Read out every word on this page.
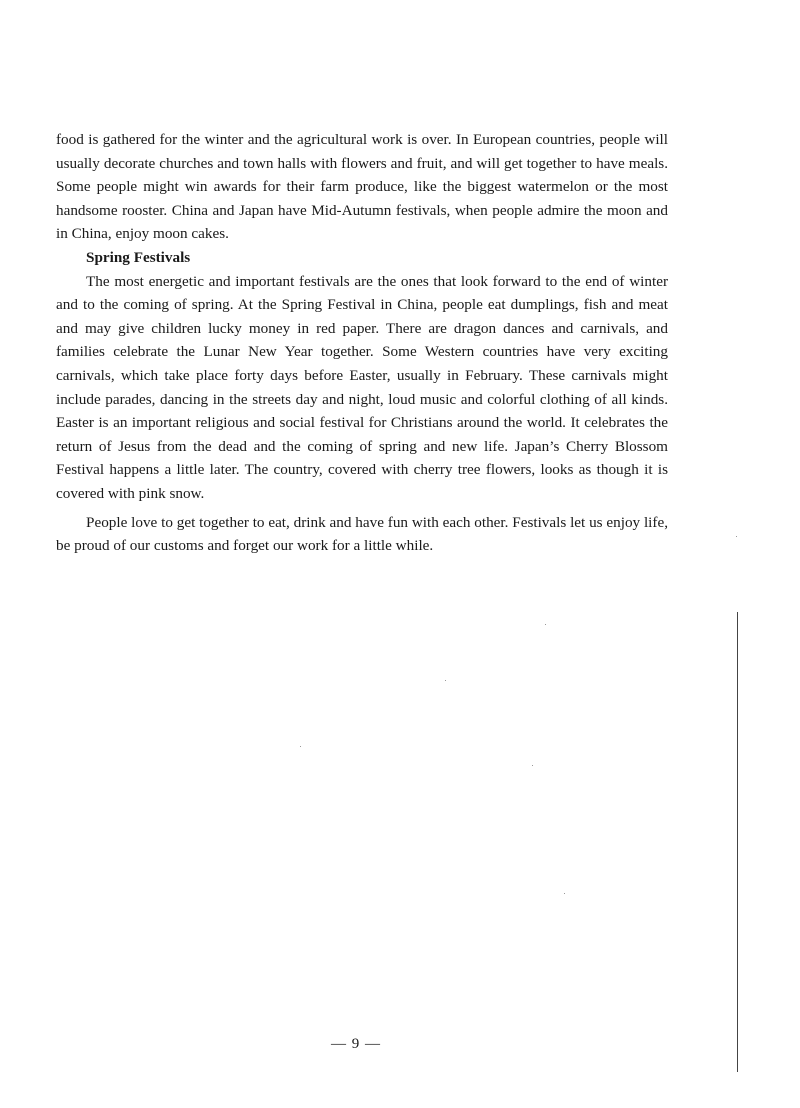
food is gathered for the winter and the agricultural work is over. In European countries, people will usually decorate churches and town halls with flowers and fruit, and will get together to have meals. Some people might win awards for their farm produce, like the biggest watermelon or the most handsome rooster. China and Japan have Mid-Autumn festivals, when people admire the moon and in China, enjoy moon cakes.

Spring Festivals

The most energetic and important festivals are the ones that look forward to the end of winter and to the coming of spring. At the Spring Festival in China, people eat dumplings, fish and meat and may give children lucky money in red paper. There are dragon dances and carnivals, and families celebrate the Lunar New Year together. Some Western countries have very exciting carnivals, which take place forty days before Easter, usually in February. These carnivals might include parades, dancing in the streets day and night, loud music and colorful clothing of all kinds. Easter is an important religious and social festival for Christians around the world. It celebrates the return of Jesus from the dead and the coming of spring and new life. Japan’s Cherry Blossom Festival happens a little later. The country, covered with cherry tree flowers, looks as though it is covered with pink snow.

People love to get together to eat, drink and have fun with each other. Festivals let us enjoy life, be proud of our customs and forget our work for a little while.

— 9 —
